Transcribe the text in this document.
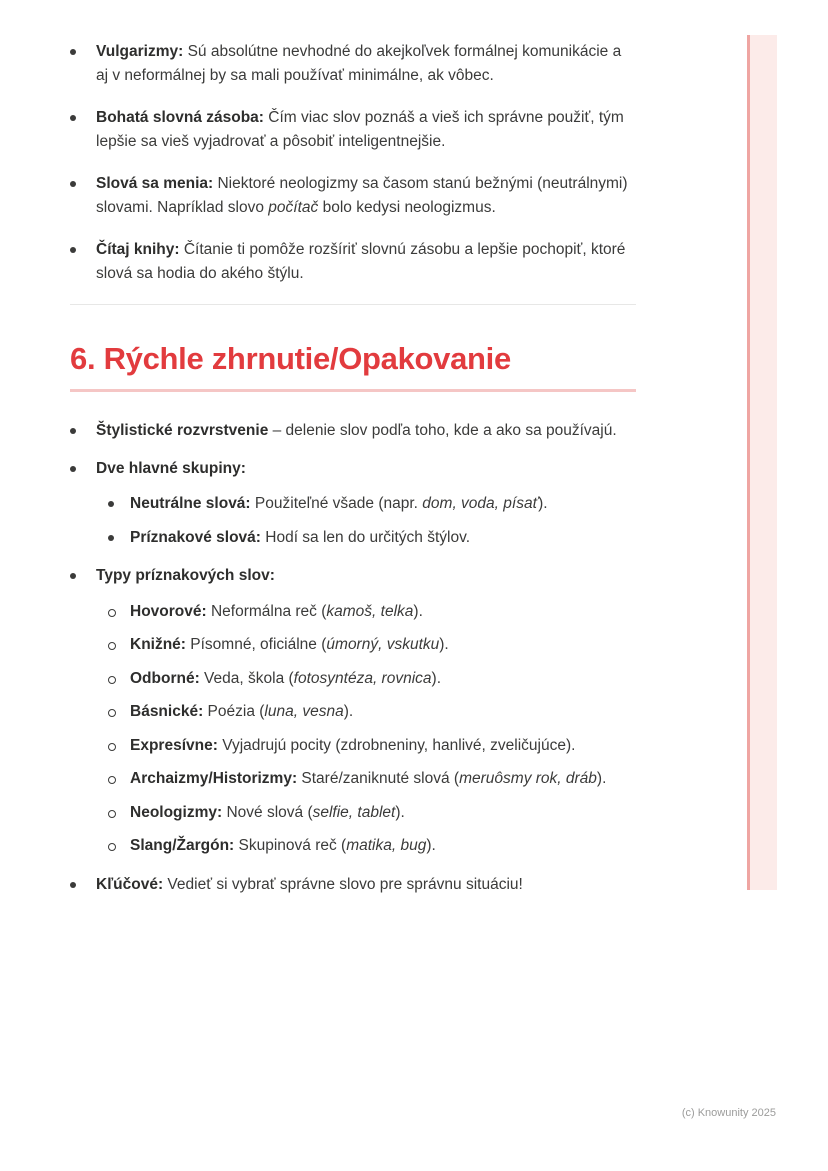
Vulgarizmy: Sú absolútne nevhodné do akejkoľvek formálnej komunikácie a aj v neformálnej by sa mali používať minimálne, ak vôbec.

Bohatá slovná zásoba: Čím viac slov poznáš a vieš ich správne použiť, tým lepšie sa vieš vyjadrovať a pôsobiť inteligentnejšie.

Slová sa menia: Niektoré neologizmy sa časom stanú bežnými (neutrálnymi) slovami. Napríklad slovo počítač bolo kedysi neologizmus.

Čítaj knihy: Čítanie ti pomôže rozšíriť slovnú zásobu a lepšie pochopiť, ktoré slová sa hodia do akého štýlu.

6. Rýchle zhrnutie/Opakovanie

Štylistické rozvrstvenie – delenie slov podľa toho, kde a ako sa používajú.

Dve hlavné skupiny:

Neutrálne slová: Použiteľné všade (napr. dom, voda, písať).

Príznakové slová: Hodí sa len do určitých štýlov.

Typy príznakových slov:

Hovorové: Neformálna reč (kamoš, telka).

Knižné: Písomné, oficiálne (úmorný, vskutku).

Odborné: Veda, škola (fotosyntéza, rovnica).

Básnické: Poézia (luna, vesna).

Expresívne: Vyjadrujú pocity (zdrobneniny, hanlivé, zveličujúce).

Archaizmy/Historizmy: Staré/zaniknuté slová (meruôsmy rok, dráb).

Neologizmy: Nové slová (selfie, tablet).

Slang/Žargón: Skupinová reč (matika, bug).

Kľúčové: Vedieť si vybrať správne slovo pre správnu situáciu!

(c) Knowunity 2025
